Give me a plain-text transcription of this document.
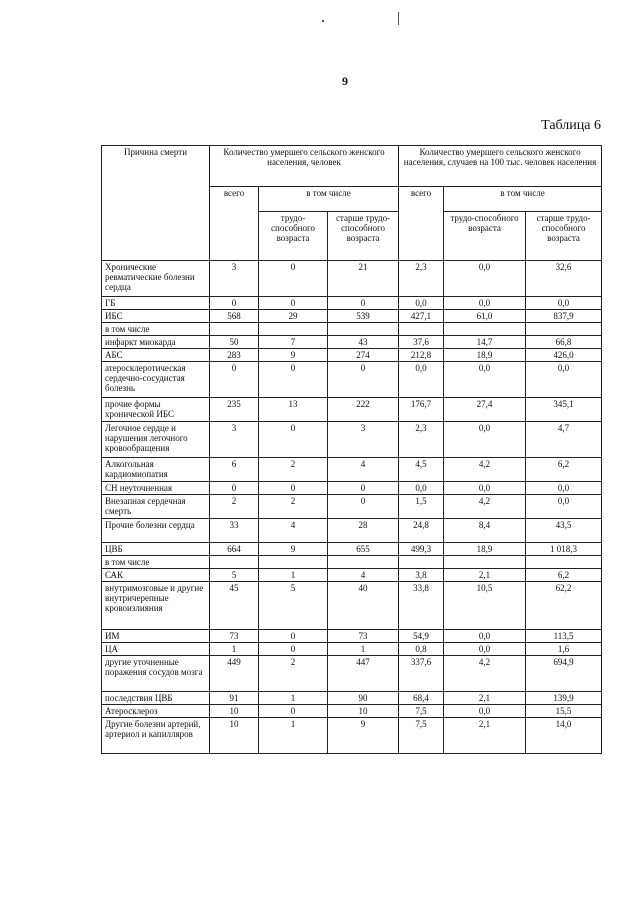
9
Таблица 6
Причина смерти	Количество умершего сельского женского населения, человек			Количество умершего сельского женского населения, случаев на 100 тыс. человек населения		
	всего	в том числе		всего	в том числе	
		трудо-способного возраста	старше трудо-способного возраста		трудо-способного возраста	старше трудо-способного возраста
Хронические ревматические болезни сердца	3	0	21	2,3	0,0	32,6
ГБ	0	0	0	0,0	0,0	0,0
ИБС	568	29	539	427,1	61,0	837,9
в том числе						
инфаркт миокарда	50	7	43	37,6	14,7	66,8
АБС	283	9	274	212,8	18,9	426,0
атеросклеротическая сердечно-сосудистая болезнь	0	0	0	0,0	0,0	0,0
прочие формы хронической ИБС	235	13	222	176,7	27,4	345,1
Легочное сердце и нарушения легочного кровообращения	3	0	3	2,3	0,0	4,7
Алкогольная кардиомиопатия	6	2	4	4,5	4,2	6,2
СН неуточненная	0	0	0	0,0	0,0	0,0
Внезапная сердечная смерть	2	2	0	1,5	4,2	0,0
Прочие болезни сердца	33	4	28	24,8	8,4	43,5
ЦВБ	664	9	655	499,3	18,9	1 018,3
в том числе						
САК	5	1	4	3,8	2,1	6,2
внутримозговые и другие внутричерепные кровоизлияния	45	5	40	33,8	10,5	62,2
ИМ	73	0	73	54,9	0,0	113,5
ЦА	1	0	1	0,8	0,0	1,6
другие уточненные поражения сосудов мозга	449	2	447	337,6	4,2	694,9
последствия ЦВБ	91	1	90	68,4	2,1	139,9
Атеросклероз	10	0	10	7,5	0,0	15,5
Другие болезни артерий, артериол и капилляров	10	1	9	7,5	2,1	14,0
